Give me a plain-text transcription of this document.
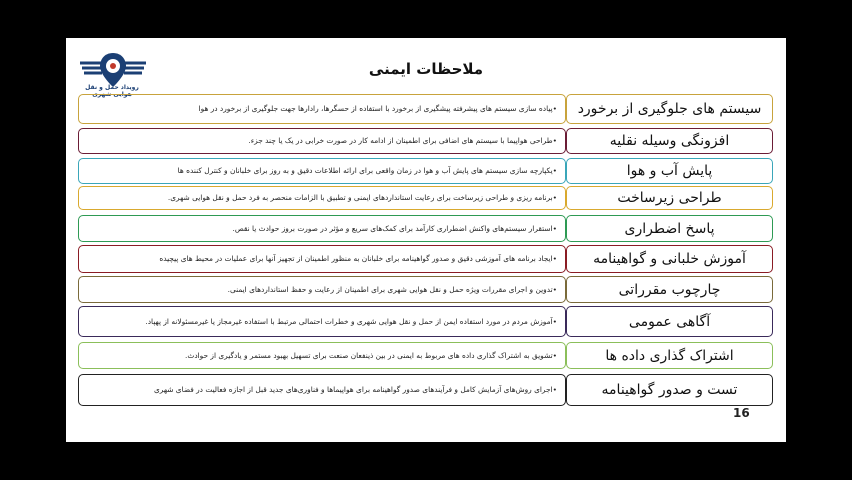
رویداد حمل و نقل هوایی شهری
ملاحظات ایمنی
•پیاده سازی سیستم های پیشرفته پیشگیری از برخورد با استفاده از حسگرها، رادارها جهت جلوگیری از برخورد در هوا	سیستم های جلوگیری از برخورد
•طراحی هواپیما با سیستم های اضافی برای اطمینان از ادامه کار در صورت خرابی در یک یا چند جزء.	افزونگی وسیله نقلیه
•یکپارچه سازی سیستم های پایش آب و هوا در زمان واقعی برای ارائه اطلاعات دقیق و به روز برای خلبانان و کنترل کننده ها	پایش آب و هوا
•برنامه ریزی و طراحی زیرساخت برای رعایت استانداردهای ایمنی و تطبیق با الزامات منحصر به فرد حمل و نقل هوایی شهری.	طراحی زیرساخت
•استقرار سیستم‌های واکنش اضطراری کارآمد برای کمک‌های سریع و مؤثر در صورت بروز حوادث یا نقص.	پاسخ اضطراری
•ایجاد برنامه های آموزشی دقیق و صدور گواهینامه برای خلبانان به منظور اطمینان از تجهیز آنها برای عملیات در محیط های پیچیده	آموزش خلبانی و گواهینامه
•تدوین و اجرای مقررات ویژه حمل و نقل هوایی شهری برای اطمینان از رعایت و حفظ استانداردهای ایمنی.	چارچوب مقرراتی
•آموزش مردم در مورد استفاده ایمن از حمل و نقل هوایی شهری و خطرات احتمالی مرتبط با استفاده غیرمجاز یا غیرمسئولانه از پهپاد.	آگاهی عمومی
•تشویق به اشتراک گذاری داده های مربوط به ایمنی در بین ذینفعان صنعت برای تسهیل بهبود مستمر و یادگیری از حوادث.	اشتراک گذاری داده ها
•اجرای روش‌های آزمایش کامل و فرآیندهای صدور گواهینامه برای هواپیماها و فناوری‌های جدید قبل از اجازه فعالیت در فضای شهری	تست و صدور گواهینامه
16
